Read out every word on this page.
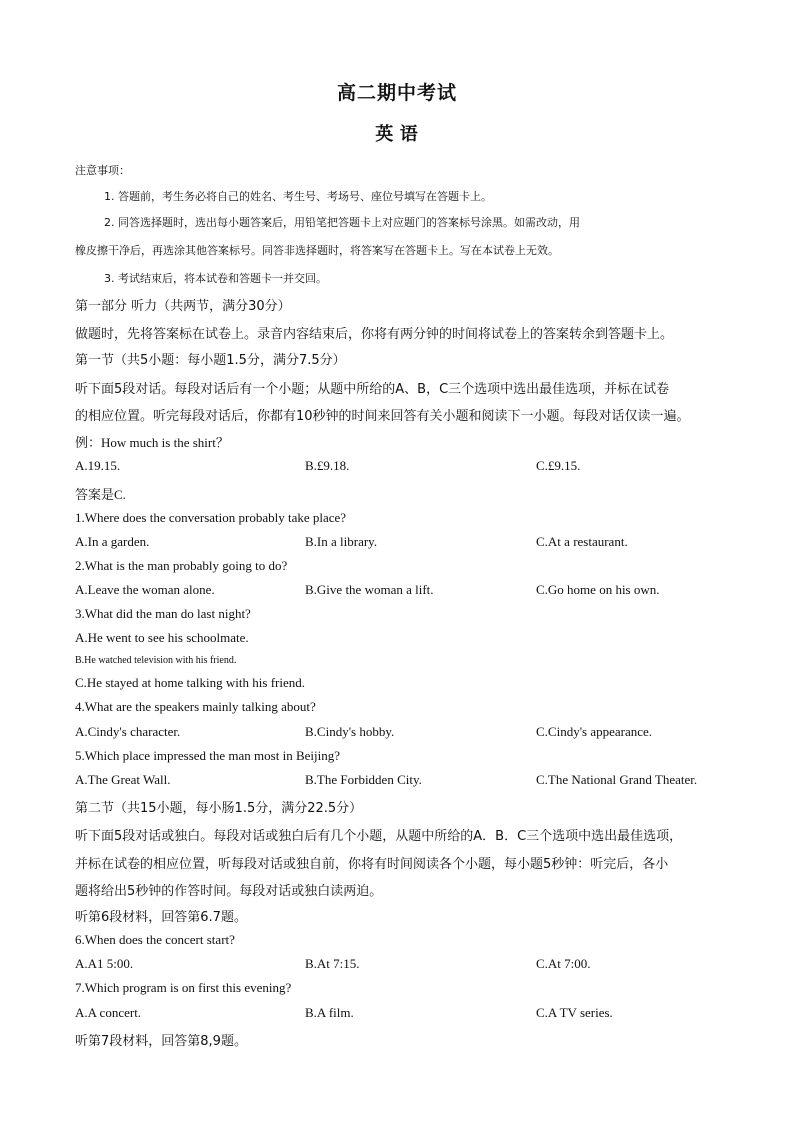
高二期中考试
英 语
注意事项：
1. 答题前，考生务必将自己的姓名、考生号、考场号、座位号填写在答题卡上。
2. 同答选择题时，选出每小题答案后，用铅笔把答题卡上对应题门的答案标号涂黑。如需改动，用
橡皮擦干净后，再选涂其他答案标号。同答非选择题时，将答案写在答题卡上。写在本试卷上无效。
3. 考试结束后，将本试卷和答题卡一并交回。
第一部分 听力（共两节，满分30分）
做题时，先将答案标在试卷上。录音内容结束后，你将有两分钟的时间将试卷上的答案转余到答题卡上。
第一节（共5小题：每小题1.5分，满分7.5分）
听下面5段对话。每段对话后有一个小题；从题中所给的A、B，C三个选项中选出最佳选项，并标在试卷
的相应位置。听完每段对话后，你都有10秒钟的时间来回答有关小题和阅读下一小题。每段对话仅读一遍。
例：How much is the shirt？
A.19.15.	B.£9.18.	C.£9.15.
答案是C.
1.Where does the conversation probably take place?
A.In a garden.	B.In a library.	C.At a restaurant.
2.What is the man probably going to do?
A.Leave the woman alone.	B.Give the woman a lift.	C.Go home on his own.
3.What did the man do last night?
A.He went to see his schoolmate.
B.He watched television with his friend.
C.He stayed at home talking with his friend.
4.What are the speakers mainly talking about?
A.Cindy's character.	B.Cindy's hobby.	C.Cindy's appearance.
5.Which place impressed the man most in Beijing?
A.The Great Wall.	B.The Forbidden City.	C.The National Grand Theater.
第二节（共15小题，每小肠1.5分，满分22.5分）
听下面5段对话或独白。每段对话或独白后有几个小题，从题中所给的A．B．C三个选项中选出最佳选项，
并标在试卷的相应位置，听每段对话或独自前，你将有时间阅读各个小题，每小题5秒钟：听完后，各小
题将给出5秒钟的作答时间。每段对话或独白读两迫。
听第6段材料，回答第6.7题。
6.When does the concert start?
A.A1 5:00.	B.At 7:15.	C.At 7:00.
7.Which program is on first this evening?
A.A concert.	B.A film.	C.A TV series.
听第7段材料，回答第8,9题。
